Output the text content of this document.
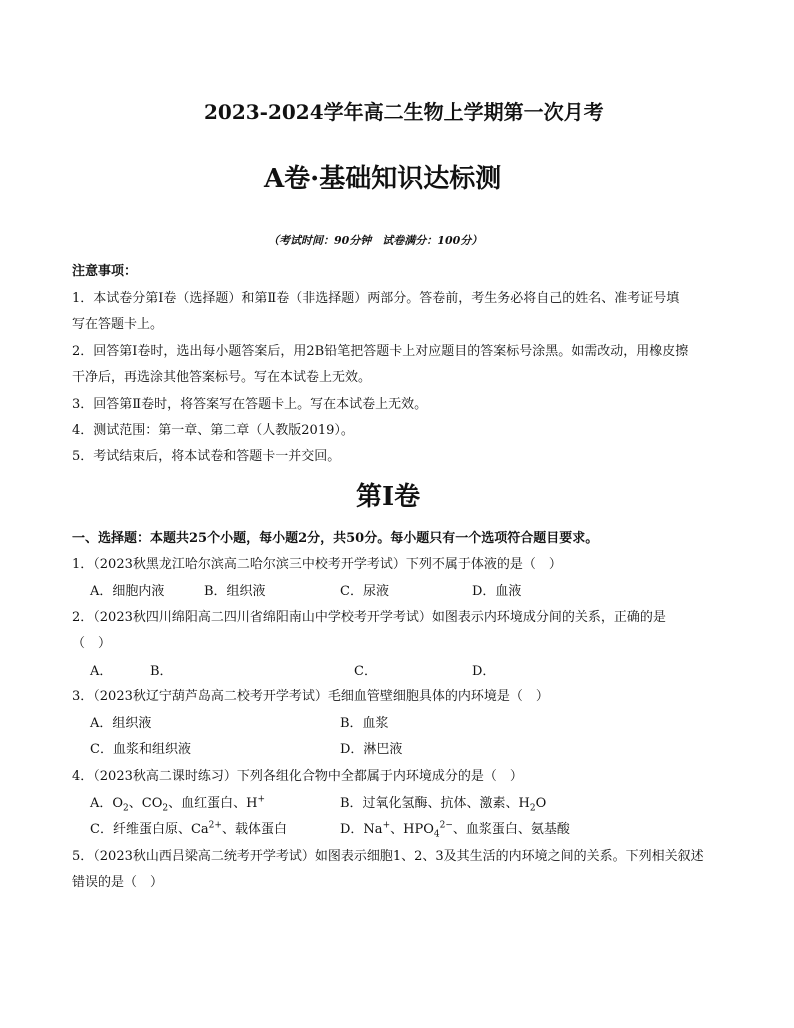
2023-2024学年高二生物上学期第一次月考
A卷·基础知识达标测
（考试时间：90分钟　试卷满分：100分）
注意事项：
1．本试卷分第Ⅰ卷（选择题）和第Ⅱ卷（非选择题）两部分。答卷前，考生务必将自己的姓名、准考证号填
写在答题卡上。
2．回答第Ⅰ卷时，选出每小题答案后，用2B铅笔把答题卡上对应题目的答案标号涂黑。如需改动，用橡皮擦
干净后，再选涂其他答案标号。写在本试卷上无效。
3．回答第Ⅱ卷时，将答案写在答题卡上。写在本试卷上无效。
4．测试范围：第一章、第二章（人教版2019）。
5．考试结束后，将本试卷和答题卡一并交回。
第Ⅰ卷
一、选择题：本题共25个小题，每小题2分，共50分。每小题只有一个选项符合题目要求。
1．（2023秋黑龙江哈尔滨高二哈尔滨三中校考开学考试）下列不属于体液的是（　）
A．细胞内液	B．组织液	C．尿液	D．血液
2．（2023秋四川绵阳高二四川省绵阳南山中学校考开学考试）如图表示内环境成分间的关系，正确的是
（　）
A．	B．	C．	D．
3．（2023秋辽宁葫芦岛高二校考开学考试）毛细血管壁细胞具体的内环境是（　）
A．组织液	B．血浆
C．血浆和组织液	D．淋巴液
4．（2023秋高二课时练习）下列各组化合物中全都属于内环境成分的是（　）
A．$O_2$、$CO_2$、血红蛋白、H+	B．过氧化氢酶、抗体、激素、$H_2O$
C．纤维蛋白原、$Ca^{2+}$、载体蛋白	D．Na+、$HPO_4^{2-}$、血浆蛋白、氨基酸
5．（2023秋山西吕梁高二统考开学考试）如图表示细胞1、2、3及其生活的内环境之间的关系。下列相关叙述
错误的是（　）
